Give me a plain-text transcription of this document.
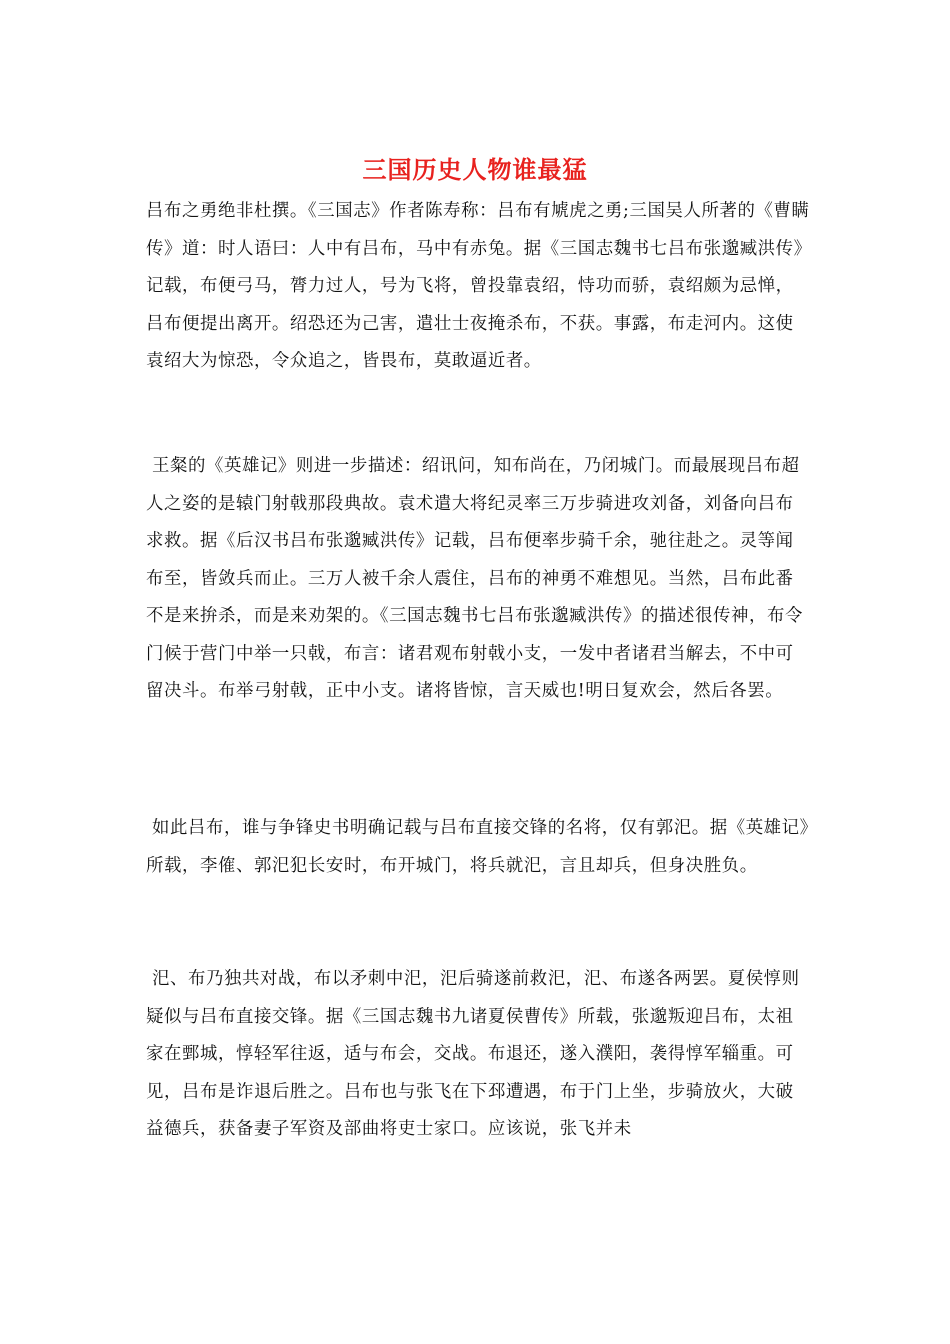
三国历史人物谁最猛

吕布之勇绝非杜撰。《三国志》作者陈寿称：吕布有虓虎之勇;三国吴人所著的《曹瞒传》道：时人语曰：人中有吕布，马中有赤兔。据《三国志魏书七吕布张邈臧洪传》记载，布便弓马，膂力过人，号为飞将，曾投靠袁绍，恃功而骄，袁绍颇为忌惮，吕布便提出离开。绍恐还为己害，遣壮士夜掩杀布，不获。事露，布走河内。这使袁绍大为惊恐，令众追之，皆畏布，莫敢逼近者。

王粲的《英雄记》则进一步描述：绍讯问，知布尚在，乃闭城门。而最展现吕布超人之姿的是辕门射戟那段典故。袁术遣大将纪灵率三万步骑进攻刘备，刘备向吕布求救。据《后汉书吕布张邈臧洪传》记载，吕布便率步骑千余，驰往赴之。灵等闻布至，皆敛兵而止。三万人被千余人震住，吕布的神勇不难想见。当然，吕布此番不是来拚杀，而是来劝架的。《三国志魏书七吕布张邈臧洪传》的描述很传神，布令门候于营门中举一只戟，布言：诸君观布射戟小支，一发中者诸君当解去，不中可留决斗。布举弓射戟，正中小支。诸将皆惊，言天威也!明日复欢会，然后各罢。

如此吕布，谁与争锋史书明确记载与吕布直接交锋的名将，仅有郭汜。据《英雄记》所载，李傕、郭汜犯长安时，布开城门，将兵就汜，言且却兵，但身决胜负。

汜、布乃独共对战，布以矛刺中汜，汜后骑遂前救汜，汜、布遂各两罢。夏侯惇则疑似与吕布直接交锋。据《三国志魏书九诸夏侯曹传》所载，张邈叛迎吕布，太祖家在鄄城，惇轻军往返，适与布会，交战。布退还，遂入濮阳，袭得惇军辎重。可见，吕布是诈退后胜之。吕布也与张飞在下邳遭遇，布于门上坐，步骑放火，大破益德兵，获备妻子军资及部曲将吏士家口。应该说，张飞并未
